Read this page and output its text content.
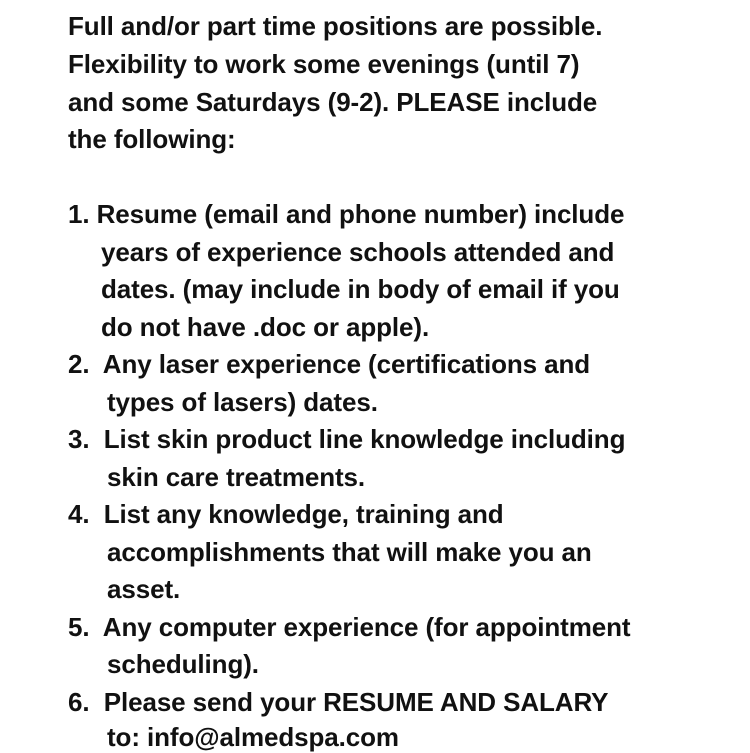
Full and/or part time positions are possible.
Flexibility to work some evenings (until 7)
and some Saturdays (9-2). PLEASE include
the following:
1. Resume (email and phone number) include
years of experience schools attended and
dates. (may include in body of email if you
do not have .doc or apple).
2. Any laser experience (certifications and
types of lasers) dates.
3. List skin product line knowledge including
skin care treatments.
4. List any knowledge, training and
accomplishments that will make you an
asset.
5. Any computer experience (for appointment
scheduling).
6. Please send your RESUME AND SALARY
to: info@almedspa.com
